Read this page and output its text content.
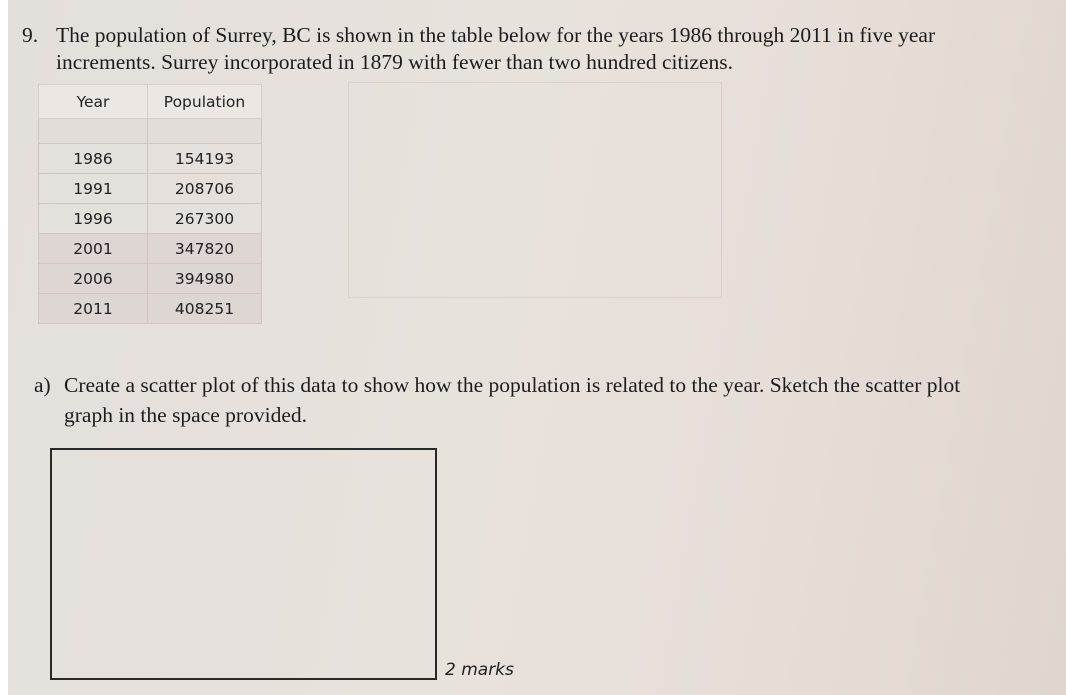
9. The population of Surrey, BC is shown in the table below for the years 1986 through 2011 in five year increments. Surrey incorporated in 1879 with fewer than two hundred citizens.
Year	Population

1986	154193
1991	208706
1996	267300
2001	347820
2006	394980
2011	408251
a) Create a scatter plot of this data to show how the population is related to the year. Sketch the scatter plot graph in the space provided.
2 marks
